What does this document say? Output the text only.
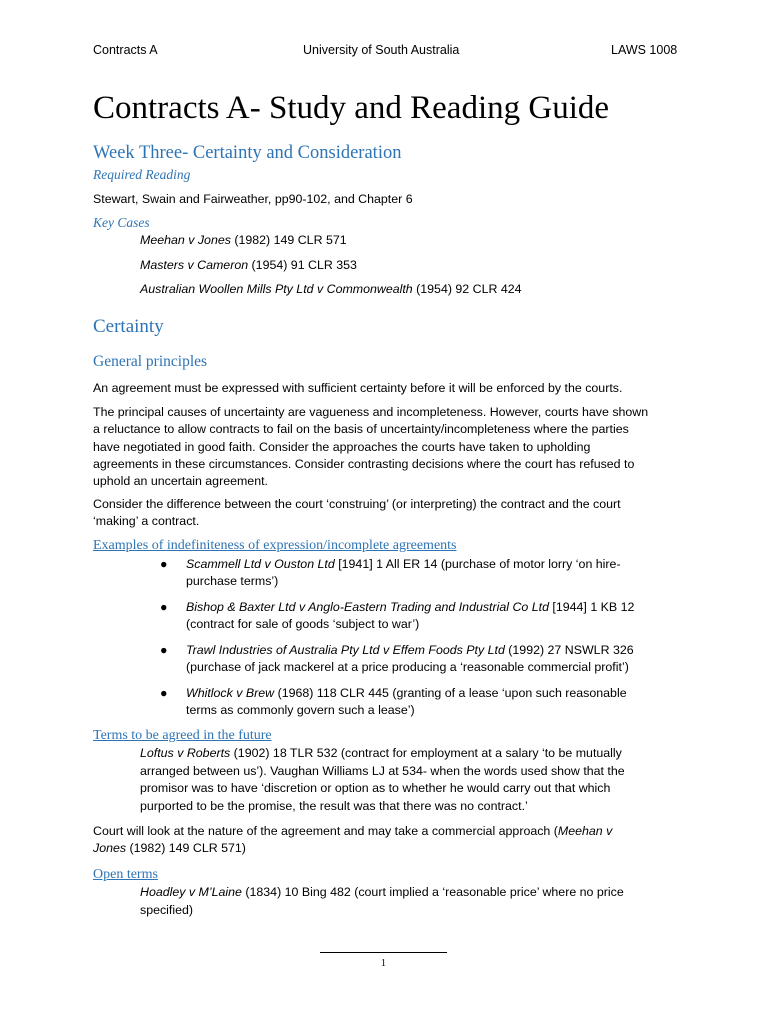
Contracts A	University of South Australia	LAWS 1008
Contracts A- Study and Reading Guide
Week Three- Certainty and Consideration
Required Reading
Stewart, Swain and Fairweather, pp90-102, and Chapter 6
Key Cases
Meehan v Jones (1982) 149 CLR 571
Masters v Cameron (1954) 91 CLR 353
Australian Woollen Mills Pty Ltd v Commonwealth (1954) 92 CLR 424
Certainty
General principles
An agreement must be expressed with sufficient certainty before it will be enforced by the courts.
The principal causes of uncertainty are vagueness and incompleteness. However, courts have shown
a reluctance to allow contracts to fail on the basis of uncertainty/incompleteness where the parties
have negotiated in good faith. Consider the approaches the courts have taken to upholding
agreements in these circumstances. Consider contrasting decisions where the court has refused to
uphold an uncertain agreement.
Consider the difference between the court ‘construing’ (or interpreting) the contract and the court
‘making’ a contract.
Examples of indefiniteness of expression/incomplete agreements
● Scammell Ltd v Ouston Ltd [1941] 1 All ER 14 (purchase of motor lorry ‘on hire-
purchase terms’)
● Bishop & Baxter Ltd v Anglo-Eastern Trading and Industrial Co Ltd [1944] 1 KB 12
(contract for sale of goods ‘subject to war’)
● Trawl Industries of Australia Pty Ltd v Effem Foods Pty Ltd (1992) 27 NSWLR 326
(purchase of jack mackerel at a price producing a ‘reasonable commercial profit’)
● Whitlock v Brew (1968) 118 CLR 445 (granting of a lease ‘upon such reasonable
terms as commonly govern such a lease’)
Terms to be agreed in the future
Loftus v Roberts (1902) 18 TLR 532 (contract for employment at a salary ‘to be mutually
arranged between us’). Vaughan Williams LJ at 534- when the words used show that the
promisor was to have ‘discretion or option as to whether he would carry out that which
purported to be the promise, the result was that there was no contract.’
Court will look at the nature of the agreement and may take a commercial approach (Meehan v
Jones (1982) 149 CLR 571)
Open terms
Hoadley v M’Laine (1834) 10 Bing 482 (court implied a ‘reasonable price’ where no price
specified)
1
